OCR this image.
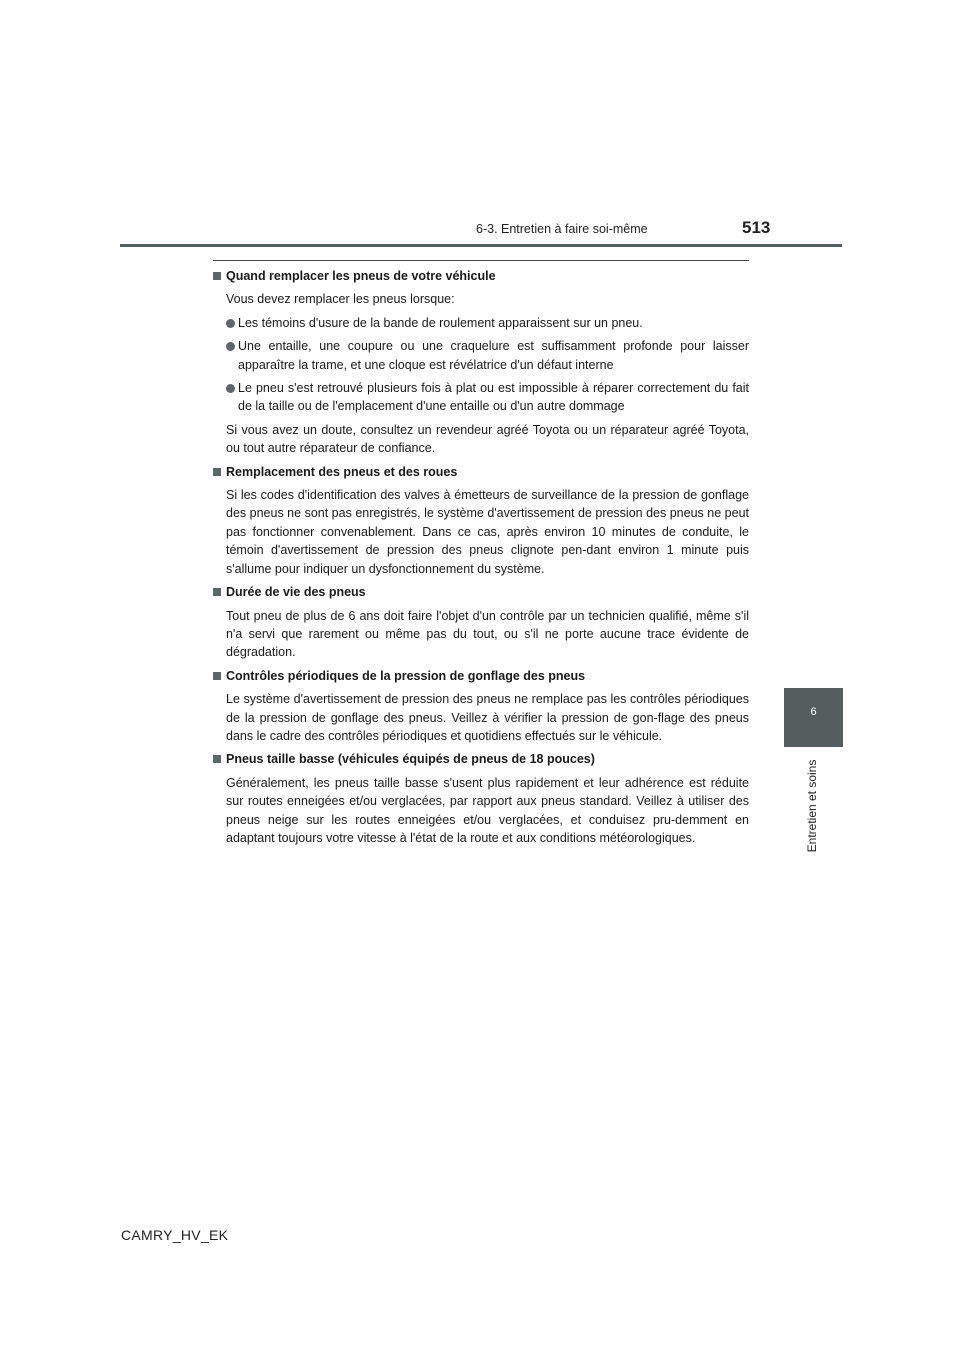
6-3. Entretien à faire soi-même	513
6
Entretien et soins
Quand remplacer les pneus de votre véhicule
Vous devez remplacer les pneus lorsque:
Les témoins d'usure de la bande de roulement apparaissent sur un pneu.
Une entaille, une coupure ou une craquelure est suffisamment profonde pour laisser apparaître la trame, et une cloque est révélatrice d'un défaut interne
Le pneu s'est retrouvé plusieurs fois à plat ou est impossible à réparer correctement du fait de la taille ou de l'emplacement d'une entaille ou d'un autre dommage
Si vous avez un doute, consultez un revendeur agréé Toyota ou un réparateur agréé Toyota, ou tout autre réparateur de confiance.
Remplacement des pneus et des roues
Si les codes d'identification des valves à émetteurs de surveillance de la pression de gonflage des pneus ne sont pas enregistrés, le système d'avertissement de pression des pneus ne peut pas fonctionner convenablement. Dans ce cas, après environ 10 minutes de conduite, le témoin d'avertissement de pression des pneus clignote pen-dant environ 1 minute puis s'allume pour indiquer un dysfonctionnement du système.
Durée de vie des pneus
Tout pneu de plus de 6 ans doit faire l'objet d'un contrôle par un technicien qualifié, même s'il n'a servi que rarement ou même pas du tout, ou s'il ne porte aucune trace évidente de dégradation.
Contrôles périodiques de la pression de gonflage des pneus
Le système d'avertissement de pression des pneus ne remplace pas les contrôles périodiques de la pression de gonflage des pneus. Veillez à vérifier la pression de gon-flage des pneus dans le cadre des contrôles périodiques et quotidiens effectués sur le véhicule.
Pneus taille basse (véhicules équipés de pneus de 18 pouces)
Généralement, les pneus taille basse s'usent plus rapidement et leur adhérence est réduite sur routes enneigées et/ou verglacées, par rapport aux pneus standard. Veillez à utiliser des pneus neige sur les routes enneigées et/ou verglacées, et conduisez pru-demment en adaptant toujours votre vitesse à l'état de la route et aux conditions météorologiques.
CAMRY_HV_EK
